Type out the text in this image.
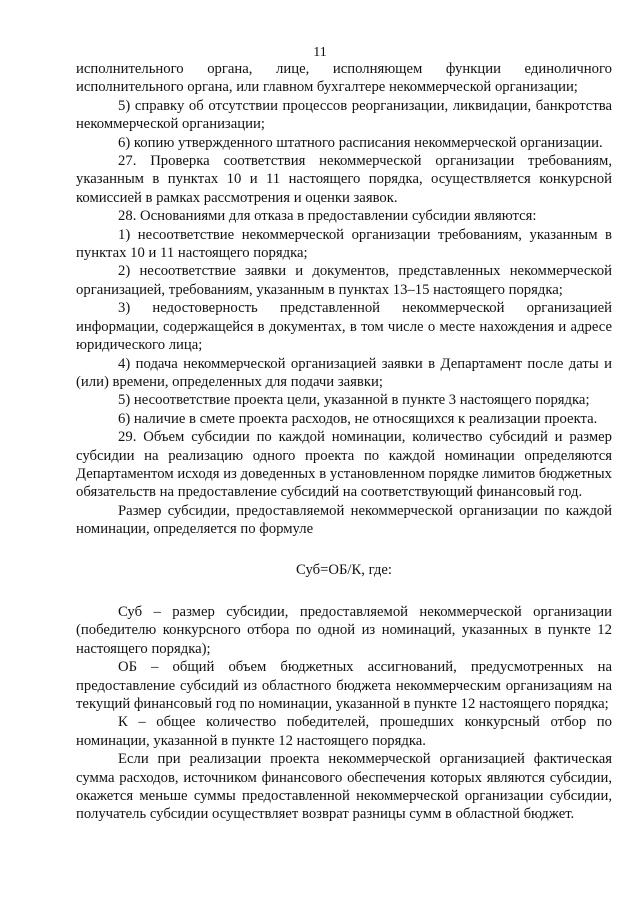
11

исполнительного органа, лице, исполняющем функции единоличного исполнительного органа, или главном бухгалтере некоммерческой организации;

5) справку об отсутствии процессов реорганизации, ликвидации, банкротства некоммерческой организации;

6) копию утвержденного штатного расписания некоммерческой организации.

27. Проверка соответствия некоммерческой организации требованиям, указанным в пунктах 10 и 11 настоящего порядка, осуществляется конкурсной комиссией в рамках рассмотрения и оценки заявок.

28. Основаниями для отказа в предоставлении субсидии являются:

1) несоответствие некоммерческой организации требованиям, указанным в пунктах 10 и 11 настоящего порядка;

2) несоответствие заявки и документов, представленных некоммерческой организацией, требованиям, указанным в пунктах 13–15 настоящего порядка;

3) недостоверность представленной некоммерческой организацией информации, содержащейся в документах, в том числе о месте нахождения и адресе юридического лица;

4) подача некоммерческой организацией заявки в Департамент после даты и (или) времени, определенных для подачи заявки;

5) несоответствие проекта цели, указанной в пункте 3 настоящего порядка;

6) наличие в смете проекта расходов, не относящихся к реализации проекта.

29. Объем субсидии по каждой номинации, количество субсидий и размер субсидии на реализацию одного проекта по каждой номинации определяются Департаментом исходя из доведенных в установленном порядке лимитов бюджетных обязательств на предоставление субсидий на соответствующий финансовый год.

Размер субсидии, предоставляемой некоммерческой организации по каждой номинации, определяется по формуле

Суб=ОБ/К, где:

Суб – размер субсидии, предоставляемой некоммерческой организации (победителю конкурсного отбора по одной из номинаций, указанных в пункте 12 настоящего порядка);

ОБ – общий объем бюджетных ассигнований, предусмотренных на предоставление субсидий из областного бюджета некоммерческим организациям на текущий финансовый год по номинации, указанной в пункте 12 настоящего порядка;

К – общее количество победителей, прошедших конкурсный отбор по номинации, указанной в пункте 12 настоящего порядка.

Если при реализации проекта некоммерческой организацией фактическая сумма расходов, источником финансового обеспечения которых являются субсидии, окажется меньше суммы предоставленной некоммерческой организации субсидии, получатель субсидии осуществляет возврат разницы сумм в областной бюджет.
